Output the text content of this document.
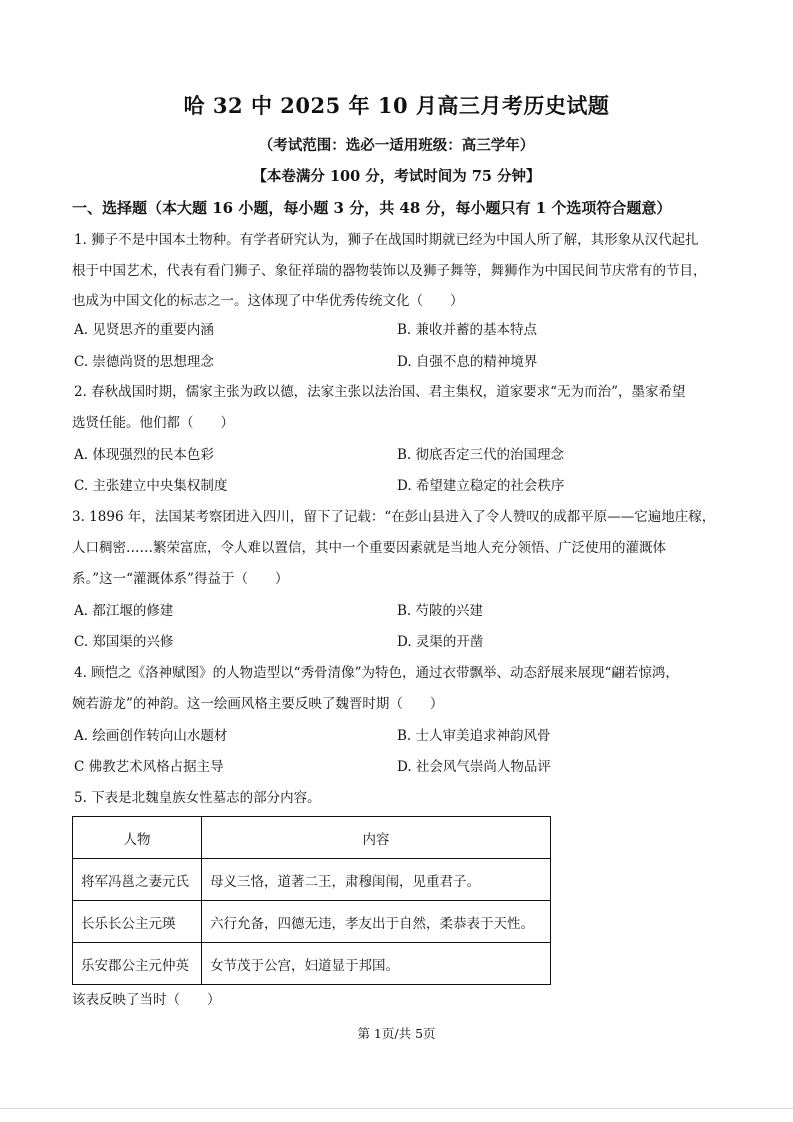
哈 32 中 2025 年 10 月高三月考历史试题
（考试范围：选必一适用班级：高三学年）
【本卷满分 100 分，考试时间为 75 分钟】
一、选择题（本大题 16 小题，每小题 3 分，共 48 分，每小题只有 1 个选项符合题意）
1. 狮子不是中国本土物种。有学者研究认为，狮子在战国时期就已经为中国人所了解，其形象从汉代起扎
根于中国艺术，代表有看门狮子、象征祥瑞的器物装饰以及狮子舞等，舞狮作为中国民间节庆常有的节目，
也成为中国文化的标志之一。这体现了中华优秀传统文化（　　）
A. 见贤思齐的重要内涵	B. 兼收并蓄的基本特点
C. 崇德尚贤的思想理念	D. 自强不息的精神境界
2. 春秋战国时期，儒家主张为政以德，法家主张以法治国、君主集权，道家要求“无为而治”，墨家希望
选贤任能。他们都（　　）
A. 体现强烈的民本色彩	B. 彻底否定三代的治国理念
C. 主张建立中央集权制度	D. 希望建立稳定的社会秩序
3. 1896 年，法国某考察团进入四川，留下了记载：“在彭山县进入了令人赞叹的成都平原——它遍地庄稼，
人口稠密……繁荣富庶，令人难以置信，其中一个重要因素就是当地人充分领悟、广泛使用的灌溉体
系。”这一“灌溉体系”得益于（　　）
A. 都江堰的修建	B. 芍陂的兴建
C. 郑国渠的兴修	D. 灵渠的开凿
4. 顾恺之《洛神赋图》的人物造型以“秀骨清像”为特色，通过衣带飘举、动态舒展来展现“翩若惊鸿，
婉若游龙”的神韵。这一绘画风格主要反映了魏晋时期（　　）
A. 绘画创作转向山水题材	B. 士人审美追求神韵风骨
C 佛教艺术风格占据主导	D. 社会风气崇尚人物品评
5. 下表是北魏皇族女性墓志的部分内容。
人物	内容
将军冯邕之妻元氏	母义三恪，道著二王，肃穆闺闱，见重君子。
长乐长公主元瑛	六行允备，四德无违，孝友出于自然，柔恭表于天性。
乐安郡公主元仲英	女节茂于公宫，妇道显于邦国。
该表反映了当时（　　）
第 1页/共 5页
